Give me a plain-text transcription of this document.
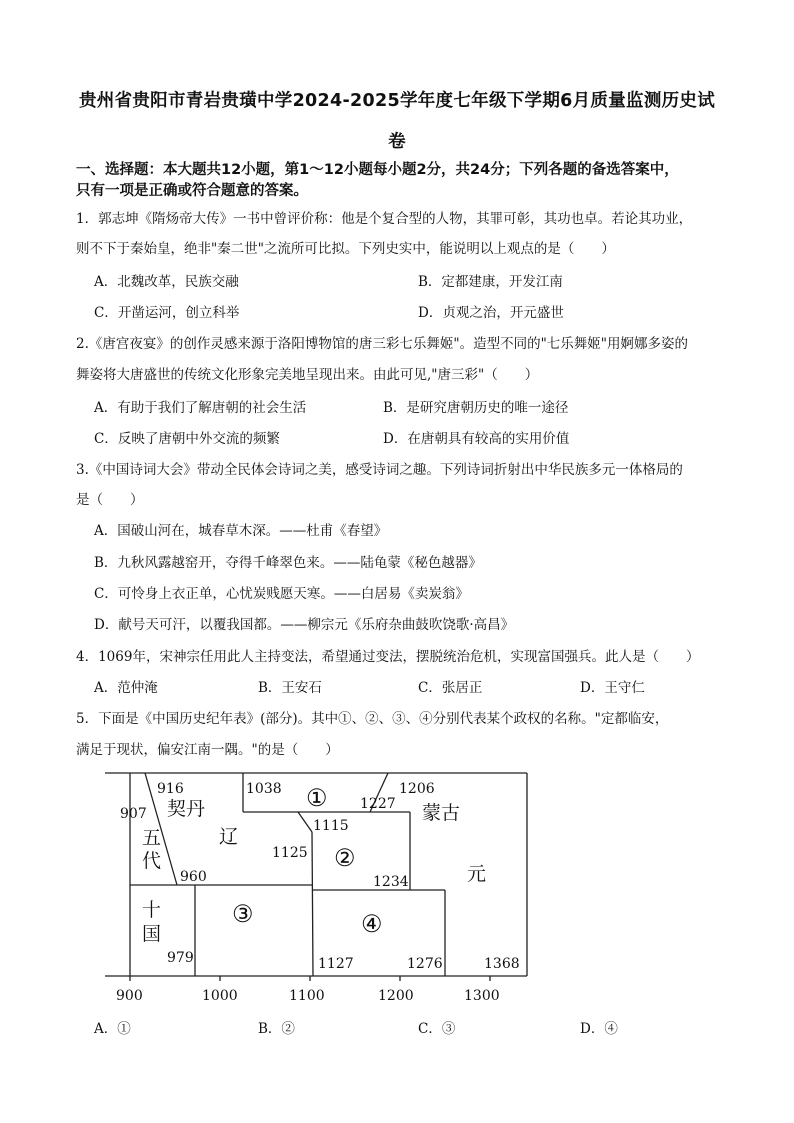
贵州省贵阳市青岩贵璜中学2024-2025学年度七年级下学期6月质量监测历史试
卷
一、选择题：本大题共12小题，第1～12小题每小题2分，共24分；下列各题的备选答案中，
只有一项是正确或符合题意的答案。
1．郭志坤《隋炀帝大传》一书中曾评价称：他是个复合型的人物，其罪可彰，其功也卓。若论其功业，
则不下于秦始皇，绝非"秦二世"之流所可比拟。下列史实中，能说明以上观点的是（　　）
A．北魏改革，民族交融	B．定都建康，开发江南
C．开凿运河，创立科举	D．贞观之治，开元盛世
2.《唐宫夜宴》的创作灵感来源于洛阳博物馆的唐三彩七乐舞姬"。造型不同的"七乐舞姬"用婀娜多姿的
舞姿将大唐盛世的传统文化形象完美地呈现出来。由此可见,"唐三彩"（　　）
A．有助于我们了解唐朝的社会生活	B．是研究唐朝历史的唯一途径
C．反映了唐朝中外交流的频繁	D．在唐朝具有较高的实用价值
3.《中国诗词大会》带动全民体会诗词之美，感受诗词之趣。下列诗词折射出中华民族多元一体格局的
是（　　）
A．国破山河在，城春草木深。——杜甫《春望》
B．九秋风露越窑开，夺得千峰翠色来。——陆龟蒙《秘色越器》
C．可怜身上衣正单，心忧炭贱愿天寒。——白居易《卖炭翁》
D．献号天可汗，以覆我国都。——柳宗元《乐府杂曲鼓吹饶歌·高昌》
4．1069年，宋神宗任用此人主持变法，希望通过变法，摆脱统治危机，实现富国强兵。此人是（　　）
A．范仲淹	B．王安石	C．张居正	D．王守仁
5．下面是《中国历史纪年表》(部分)。其中①、②、③、④分别代表某个政权的名称。"定都临安，
满足于现状，偏安江南一隅。"的是（　　）
907
916	1038
1227
1206
1115
1125
1234
960
979	1127	1276	1368
900	1000	1100	1200	1300
五
代
十
国
契丹
辽
蒙古
元
①
②
③	④
A．①	B．②	C．③	D．④
